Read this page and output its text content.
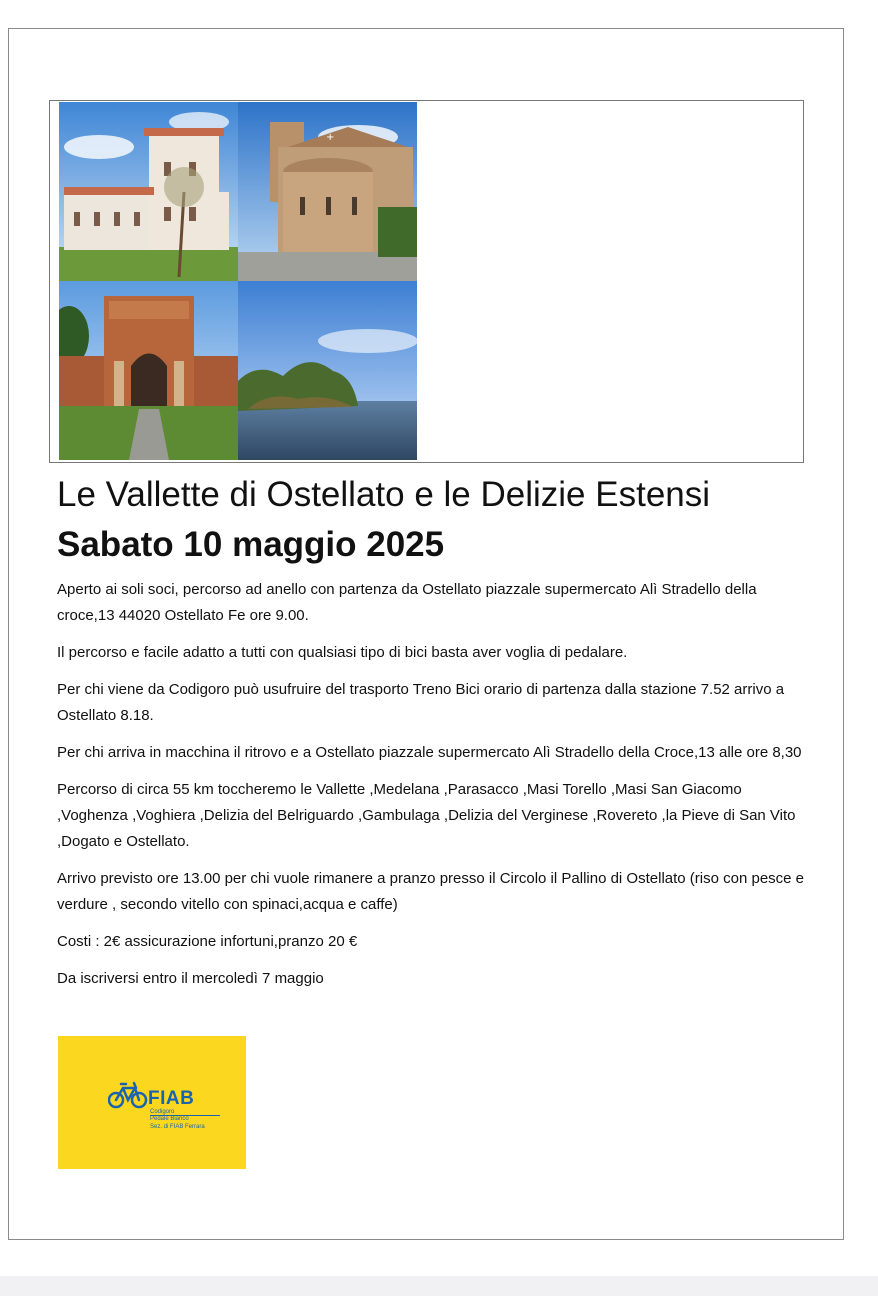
+
Le Vallette di Ostellato e le Delizie Estensi
Sabato 10 maggio 2025

Aperto ai soli soci, percorso ad anello con partenza da Ostellato piazzale supermercato Alì Stradello della croce,13 44020 Ostellato Fe ore 9.00.

Il percorso e facile adatto a tutti con qualsiasi tipo di bici basta aver voglia di pedalare.

Per chi viene da Codigoro può usufruire del trasporto Treno Bici orario di partenza dalla stazione 7.52 arrivo a Ostellato 8.18.

Per chi arriva in macchina il ritrovo e a Ostellato piazzale supermercato Alì Stradello della Croce,13 alle ore 8,30

Percorso di circa 55 km toccheremo le Vallette ,Medelana ,Parasacco ,Masi Torello ,Masi San Giacomo ,Voghenza ,Voghiera ,Delizia del Belriguardo ,Gambulaga ,Delizia del Verginese ,Rovereto ,la Pieve di San Vito ,Dogato e Ostellato.

Arrivo previsto ore 13.00 per chi vuole rimanere a pranzo presso il Circolo il Pallino di Ostellato (riso con pesce e verdure , secondo vitello con spinaci,acqua e caffe)

Costi : 2€ assicurazione infortuni,pranzo 20 €

Da iscriversi entro il mercoledì 7 maggio

FIAB
Codigoro
Pedale Bianco
Sez. di FIAB Ferrara
